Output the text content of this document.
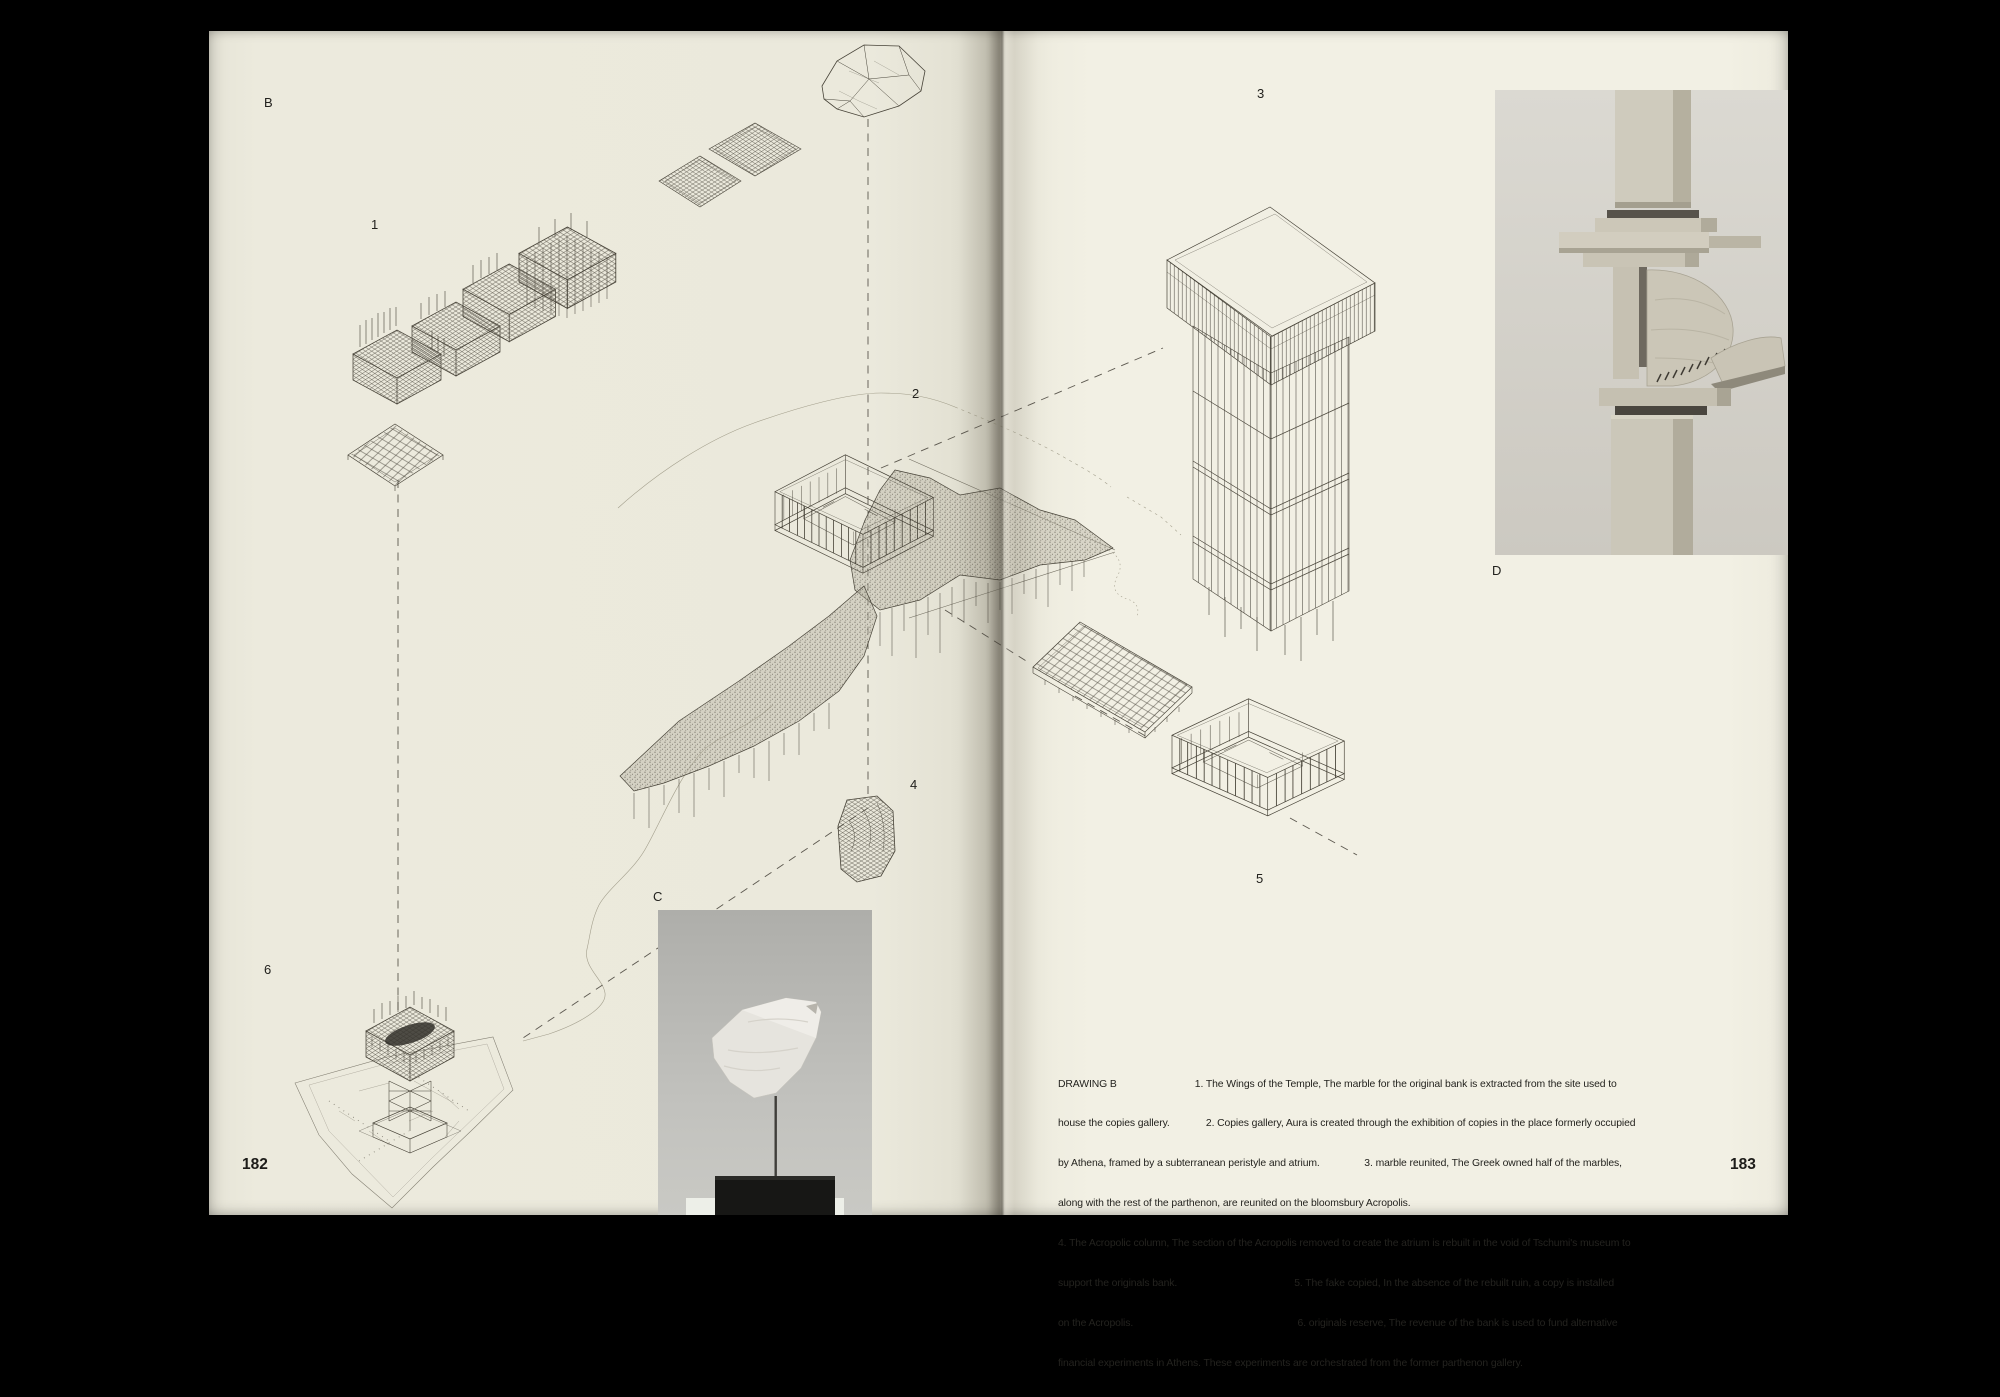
B
C
D
1
2
3
4
5
6

DRAWING B                            1. The Wings of the Temple, The marble for the original bank is extracted from the site used to

house the copies gallery.             2. Copies gallery, Aura is created through the exhibition of copies in the place formerly occupied

by Athena, framed by a subterranean peristyle and atrium.                3. marble reunited, The Greek owned half of the marbles,

along with the rest of the parthenon, are reunited on the bloomsbury Acropolis.

4. The Acropolic column, The section of the Acropolis removed to create the atrium is rebuilt in the void of Tschumi's museum to

support the originals bank.                                          5. The fake copied, In the absence of the rebuilt ruin, a copy is installed

on the Acropolis.                                                           6. originals reserve, The revenue of the bank is used to fund alternative

financial experiments in Athens. These experiments are orchestrated from the former parthenon gallery.

182	183
